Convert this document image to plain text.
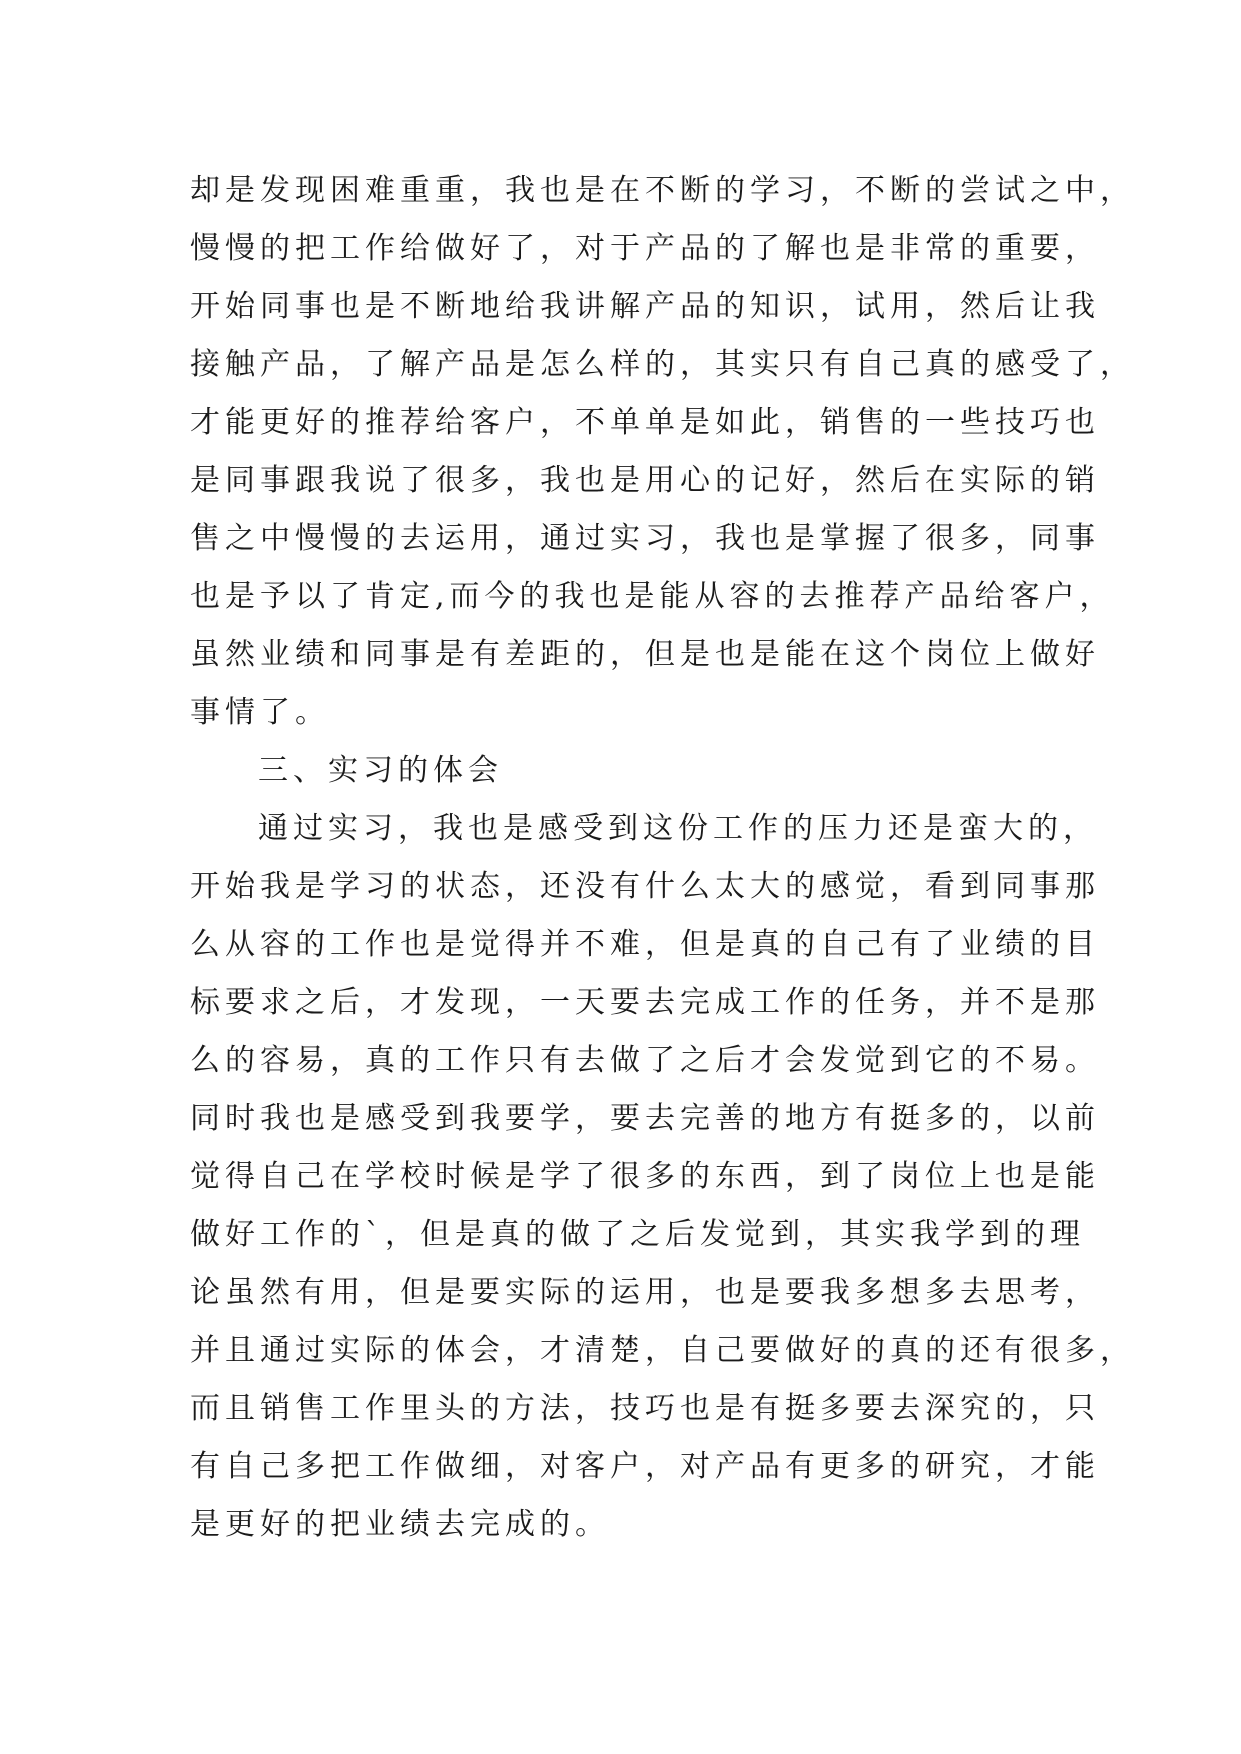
却是发现困难重重，我也是在不断的学习，不断的尝试之中，
慢慢的把工作给做好了，对于产品的了解也是非常的重要，
开始同事也是不断地给我讲解产品的知识，试用，然后让我
接触产品，了解产品是怎么样的，其实只有自己真的感受了，
才能更好的推荐给客户，不单单是如此，销售的一些技巧也
是同事跟我说了很多，我也是用心的记好，然后在实际的销
售之中慢慢的去运用，通过实习，我也是掌握了很多，同事
也是予以了肯定,而今的我也是能从容的去推荐产品给客户，
虽然业绩和同事是有差距的，但是也是能在这个岗位上做好
事情了。
三、实习的体会
通过实习，我也是感受到这份工作的压力还是蛮大的，
开始我是学习的状态，还没有什么太大的感觉，看到同事那
么从容的工作也是觉得并不难，但是真的自己有了业绩的目
标要求之后，才发现，一天要去完成工作的任务，并不是那
么的容易，真的工作只有去做了之后才会发觉到它的不易。
同时我也是感受到我要学，要去完善的地方有挺多的，以前
觉得自己在学校时候是学了很多的东西，到了岗位上也是能
做好工作的`，但是真的做了之后发觉到，其实我学到的理
论虽然有用，但是要实际的运用，也是要我多想多去思考，
并且通过实际的体会，才清楚，自己要做好的真的还有很多，
而且销售工作里头的方法，技巧也是有挺多要去深究的，只
有自己多把工作做细，对客户，对产品有更多的研究，才能
是更好的把业绩去完成的。
